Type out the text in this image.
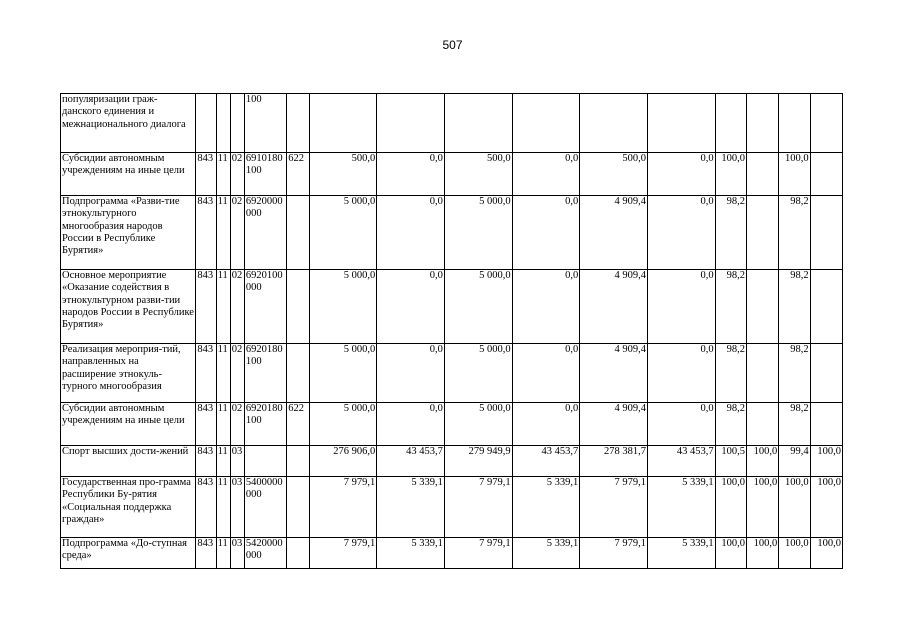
507
популяризации граж-данского единения и межнационального диалога				100											
Субсидии автономным учреждениям на иные цели	843	11	02	6910180 100	622	500,0	0,0	500,0	0,0	500,0	0,0	100,0		100,0	
Подпрограмма «Разви-тие этнокультурного многообразия народов России в Республике Бурятия»	843	11	02	6920000 000		5 000,0	0,0	5 000,0	0,0	4 909,4	0,0	98,2		98,2	
Основное мероприятие «Оказание содействия в этнокультурном разви-тии народов России в Республике Бурятия»	843	11	02	6920100 000		5 000,0	0,0	5 000,0	0,0	4 909,4	0,0	98,2		98,2	
Реализация мероприя-тий, направленных на расширение этнокуль-турного многообразия	843	11	02	6920180 100		5 000,0	0,0	5 000,0	0,0	4 909,4	0,0	98,2		98,2	
Субсидии автономным учреждениям на иные цели	843	11	02	6920180 100	622	5 000,0	0,0	5 000,0	0,0	4 909,4	0,0	98,2		98,2	
Спорт высших дости-жений	843	11	03			276 906,0	43 453,7	279 949,9	43 453,7	278 381,7	43 453,7	100,5	100,0	99,4	100,0
Государственная про-грамма Республики Бу-рятия «Социальная поддержка граждан»	843	11	03	5400000 000		7 979,1	5 339,1	7 979,1	5 339,1	7 979,1	5 339,1	100,0	100,0	100,0	100,0
Подпрограмма «До-ступная среда»	843	11	03	5420000 000		7 979,1	5 339,1	7 979,1	5 339,1	7 979,1	5 339,1	100,0	100,0	100,0	100,0
